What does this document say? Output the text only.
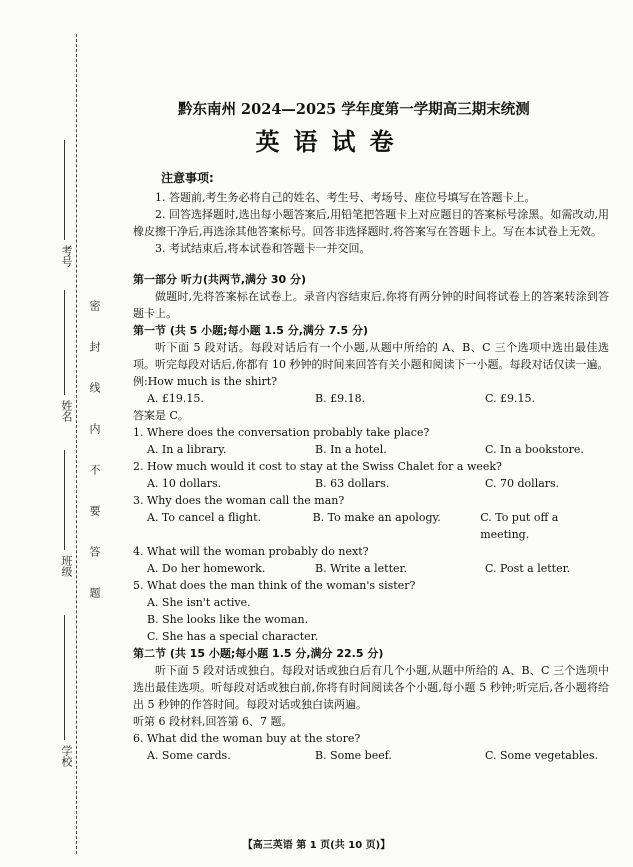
考号
姓名
班级
学校
密封线内不要答题
黔东南州 2024—2025 学年度第一学期高三期末统测
英语试卷
注意事项:

1. 答题前,考生务必将自己的姓名、考生号、考场号、座位号填写在答题卡上。

2. 回答选择题时,选出每小题答案后,用铅笔把答题卡上对应题目的答案标号涂黑。如需改动,用橡皮擦干净后,再选涂其他答案标号。回答非选择题时,将答案写在答题卡上。写在本试卷上无效。

3. 考试结束后,将本试卷和答题卡一并交回。

第一部分 听力(共两节,满分 30 分)

做题时,先将答案标在试卷上。录音内容结束后,你将有两分钟的时间将试卷上的答案转涂到答题卡上。

第一节 (共 5 小题;每小题 1.5 分,满分 7.5 分)

听下面 5 段对话。每段对话后有一个小题,从题中所给的 A、B、C 三个选项中选出最佳选项。听完每段对话后,你都有 10 秒钟的时间来回答有关小题和阅读下一小题。每段对话仅读一遍。

例:How much is the shirt?

A. £19.15.	B. £9.18.	C. £9.15.

答案是 C。

1. Where does the conversation probably take place?

A. In a library.	B. In a hotel.	C. In a bookstore.

2. How much would it cost to stay at the Swiss Chalet for a week?

A. 10 dollars.	B. 63 dollars.	C. 70 dollars.

3. Why does the woman call the man?

A. To cancel a flight.	B. To make an apology.	C. To put off a meeting.

4. What will the woman probably do next?

A. Do her homework.	B. Write a letter.	C. Post a letter.

5. What does the man think of the woman's sister?

A. She isn't active.
B. She looks like the woman.
C. She has a special character.
第二节 (共 15 小题;每小题 1.5 分,满分 22.5 分)

听下面 5 段对话或独白。每段对话或独白后有几个小题,从题中所给的 A、B、C 三个选项中选出最佳选项。听每段对话或独白前,你将有时间阅读各个小题,每小题 5 秒钟;听完后,各小题将给出 5 秒钟的作答时间。每段对话或独白读两遍。

听第 6 段材料,回答第 6、7 题。

6. What did the woman buy at the store?

A. Some cards.	B. Some beef.	C. Some vegetables.
【高三英语 第 1 页(共 10 页)】
